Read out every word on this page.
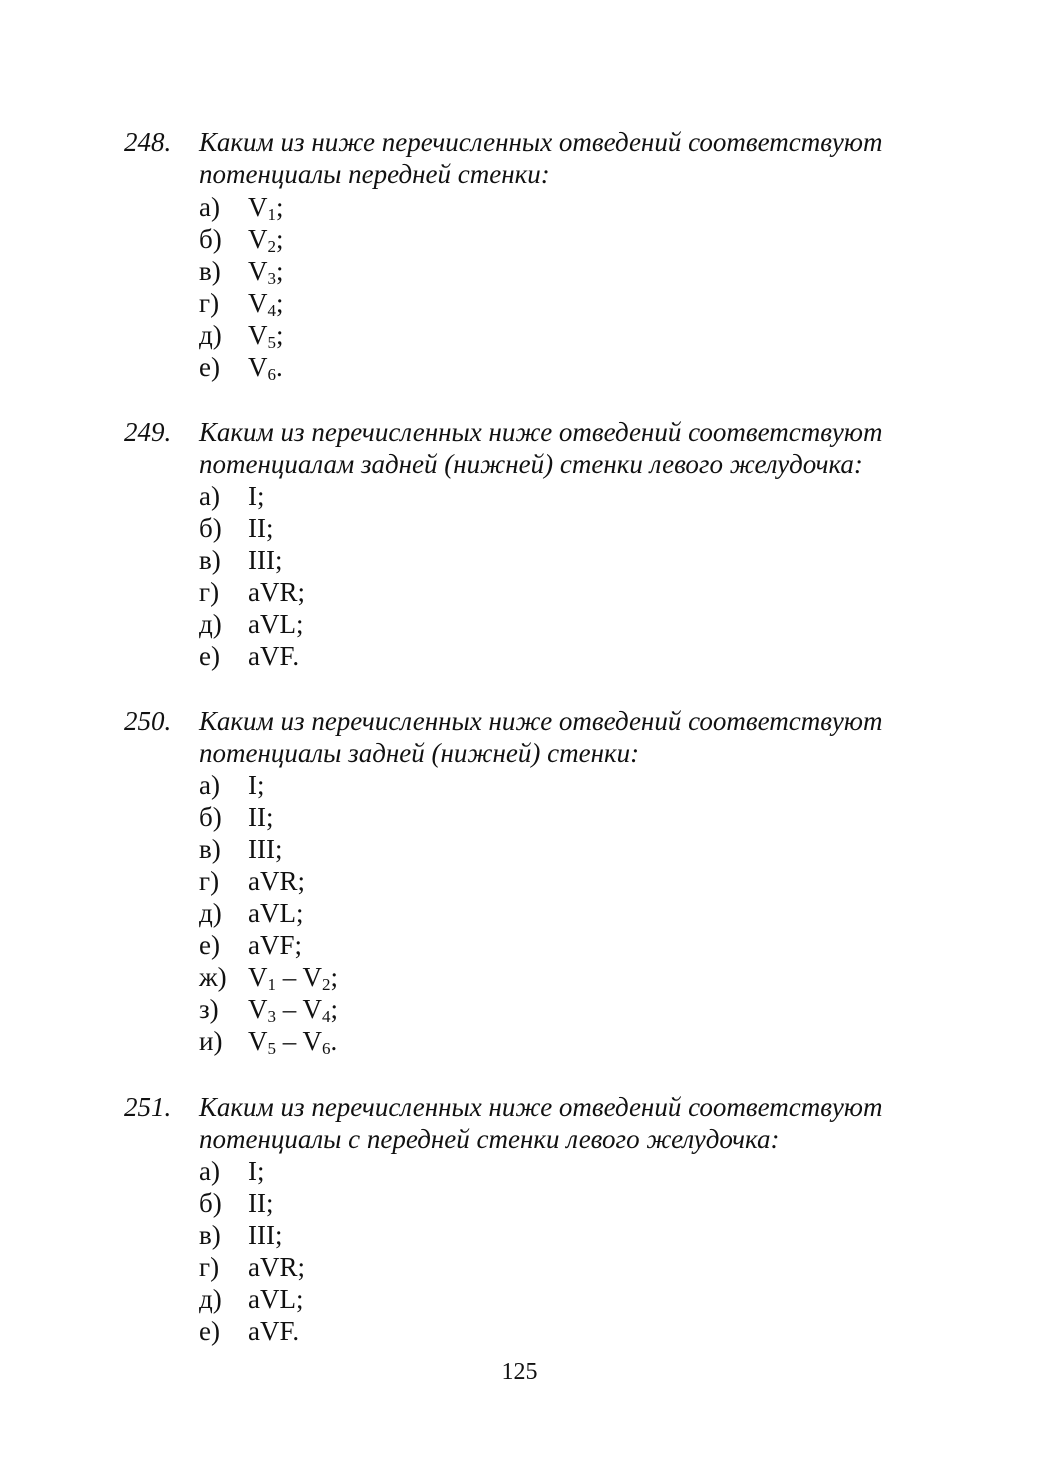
248. Каким из ниже перечисленных отведений соответствуют
потенциалы передней стенки:
а) $V_1$;
б) $V_2$;
в) $V_3$;
г) $V_4$;
д) $V_5$;
е) $V_6$.
249. Каким из перечисленных ниже отведений соответствуют
потенциалам задней (нижней) стенки левого желудочка:
а) I;
б) II;
в) III;
г) aVR;
д) aVL;
е) aVF.
250. Каким из перечисленных ниже отведений соответствуют
потенциалы задней (нижней) стенки:
а) I;
б) II;
в) III;
г) aVR;
д) aVL;
е) aVF;
ж) $V_1 - V_2$;
з) $V_3 - V_4$;
и) $V_5 - V_6$.
251. Каким из перечисленных ниже отведений соответствуют
потенциалы с передней стенки левого желудочка:
а) I;
б) II;
в) III;
г) aVR;
д) aVL;
е) aVF.
125
